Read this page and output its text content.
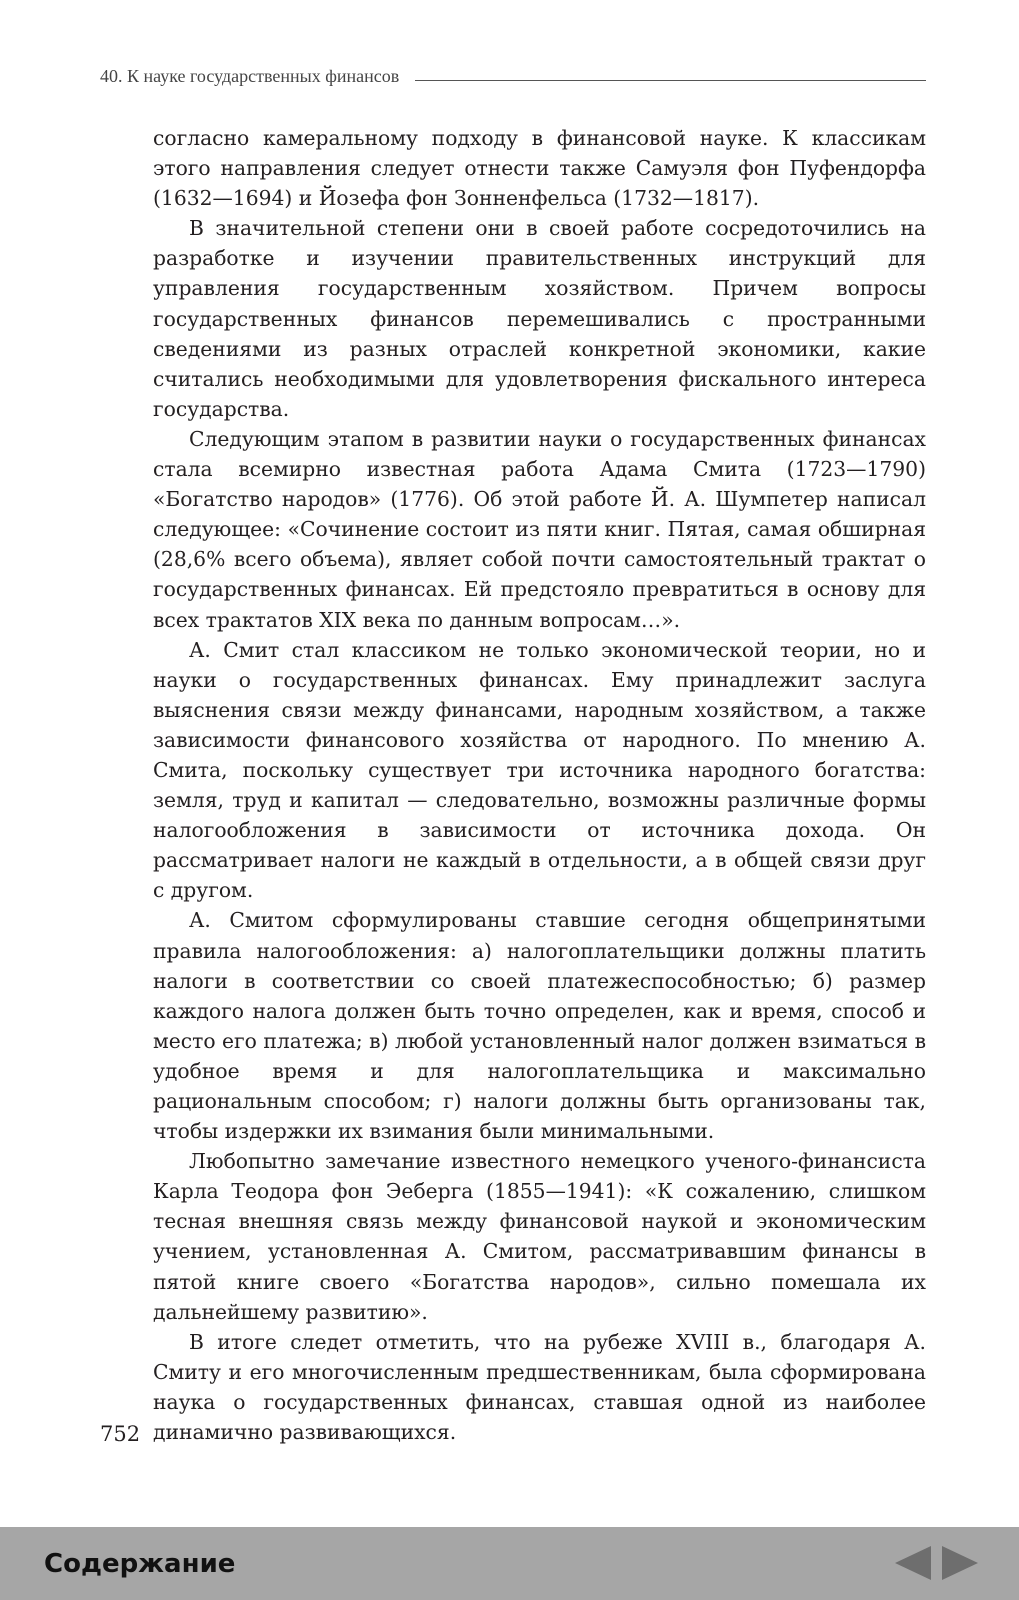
40. К науке государственных финансов

согласно камеральному подходу в финансовой науке. К классикам этого направления следует отнести также Самуэля фон Пуфендорфа (1632—1694) и Йозефа фон Зонненфельса (1732—1817).

В значительной степени они в своей работе сосредоточились на разработке и изучении правительственных инструкций для управления государственным хозяйством. Причем вопросы государственных финансов перемешивались с пространными сведениями из разных отраслей конкретной экономики, какие считались необходимыми для удовлетворения фискального интереса государства.

Следующим этапом в развитии науки о государственных финансах стала всемирно известная работа Адама Смита (1723—1790) «Богатство народов» (1776). Об этой работе Й. А. Шумпетер написал следующее: «Сочинение состоит из пяти книг. Пятая, самая обширная (28,6% всего объема), являет собой почти самостоятельный трактат о государственных финансах. Ей предстояло превратиться в основу для всех трактатов XIX века по данным вопросам…».

А. Смит стал классиком не только экономической теории, но и науки о государственных финансах. Ему принадлежит заслуга выяснения связи между финансами, народным хозяйством, а также зависимости финансового хозяйства от народного. По мнению А. Смита, поскольку существует три источника народного богатства: земля, труд и капитал — следовательно, возможны различные формы налогообложения в зависимости от источника дохода. Он рассматривает налоги не каждый в отдельности, а в общей связи друг с другом.

А. Смитом сформулированы ставшие сегодня общепринятыми правила налогообложения: а) налогоплательщики должны платить налоги в соответствии со своей платежеспособностью; б) размер каждого налога должен быть точно определен, как и время, способ и место его платежа; в) любой установленный налог должен взиматься в удобное время и для налогоплательщика и максимально рациональным способом; г) налоги должны быть организованы так, чтобы издержки их взимания были минимальными.

Любопытно замечание известного немецкого ученого-финансиста Карла Теодора фон Эеберга (1855—1941): «К сожалению, слишком тесная внешняя связь между финансовой наукой и экономическим учением, установленная А. Смитом, рассматривавшим финансы в пятой книге своего «Богатства народов», сильно помешала их дальнейшему развитию».

В итоге следет отметить, что на рубеже XVIII в., благодаря А. Смиту и его многочисленным предшественникам, была сформирована наука о государственных финансах, ставшая одной из наиболее динамично развивающихся.

752
Содержание
